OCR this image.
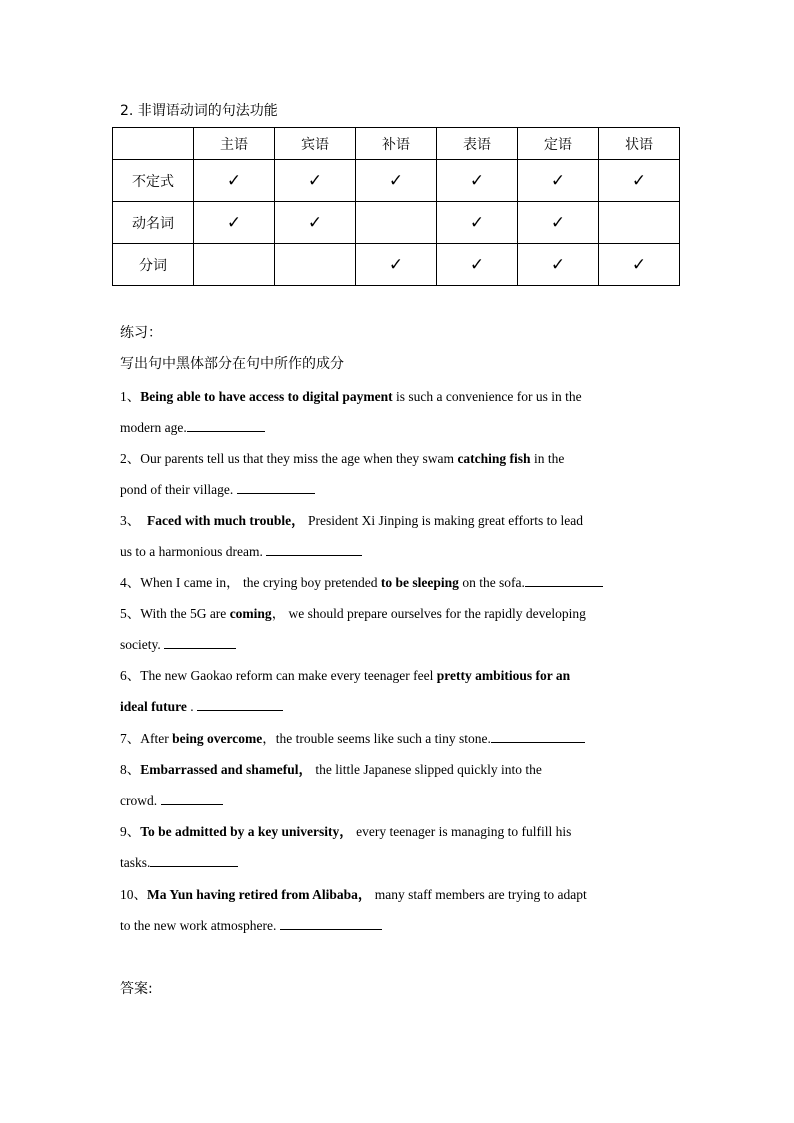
2. 非谓语动词的句法功能
	主语	宾语	补语	表语	定语	状语
不定式	✓	✓	✓	✓	✓	✓
动名词	✓	✓		✓	✓	
分词			✓	✓	✓	✓
练习：
写出句中黑体部分在句中所作的成分
1、Being able to have access to digital payment is such a convenience for us in the
modern age.
2、Our parents tell us that they miss the age when they swam catching fish in the
pond of their village.
3、 Faced with much trouble， President Xi Jinping is making great efforts to lead
us to a harmonious dream.
4、When I came in， the crying boy pretended to be sleeping on the sofa.
5、With the 5G are coming， we should prepare ourselves for the rapidly developing
society.
6、The new Gaokao reform can make every teenager feel pretty ambitious for an
ideal future .
7、After being overcome，the trouble seems like such a tiny stone.
8、Embarrassed and shameful， the little Japanese slipped quickly into the
crowd.
9、To be admitted by a key university， every teenager is managing to fulfill his
tasks.
10、Ma Yun having retired from Alibaba， many staff members are trying to adapt
to the new work atmosphere.
答案:
